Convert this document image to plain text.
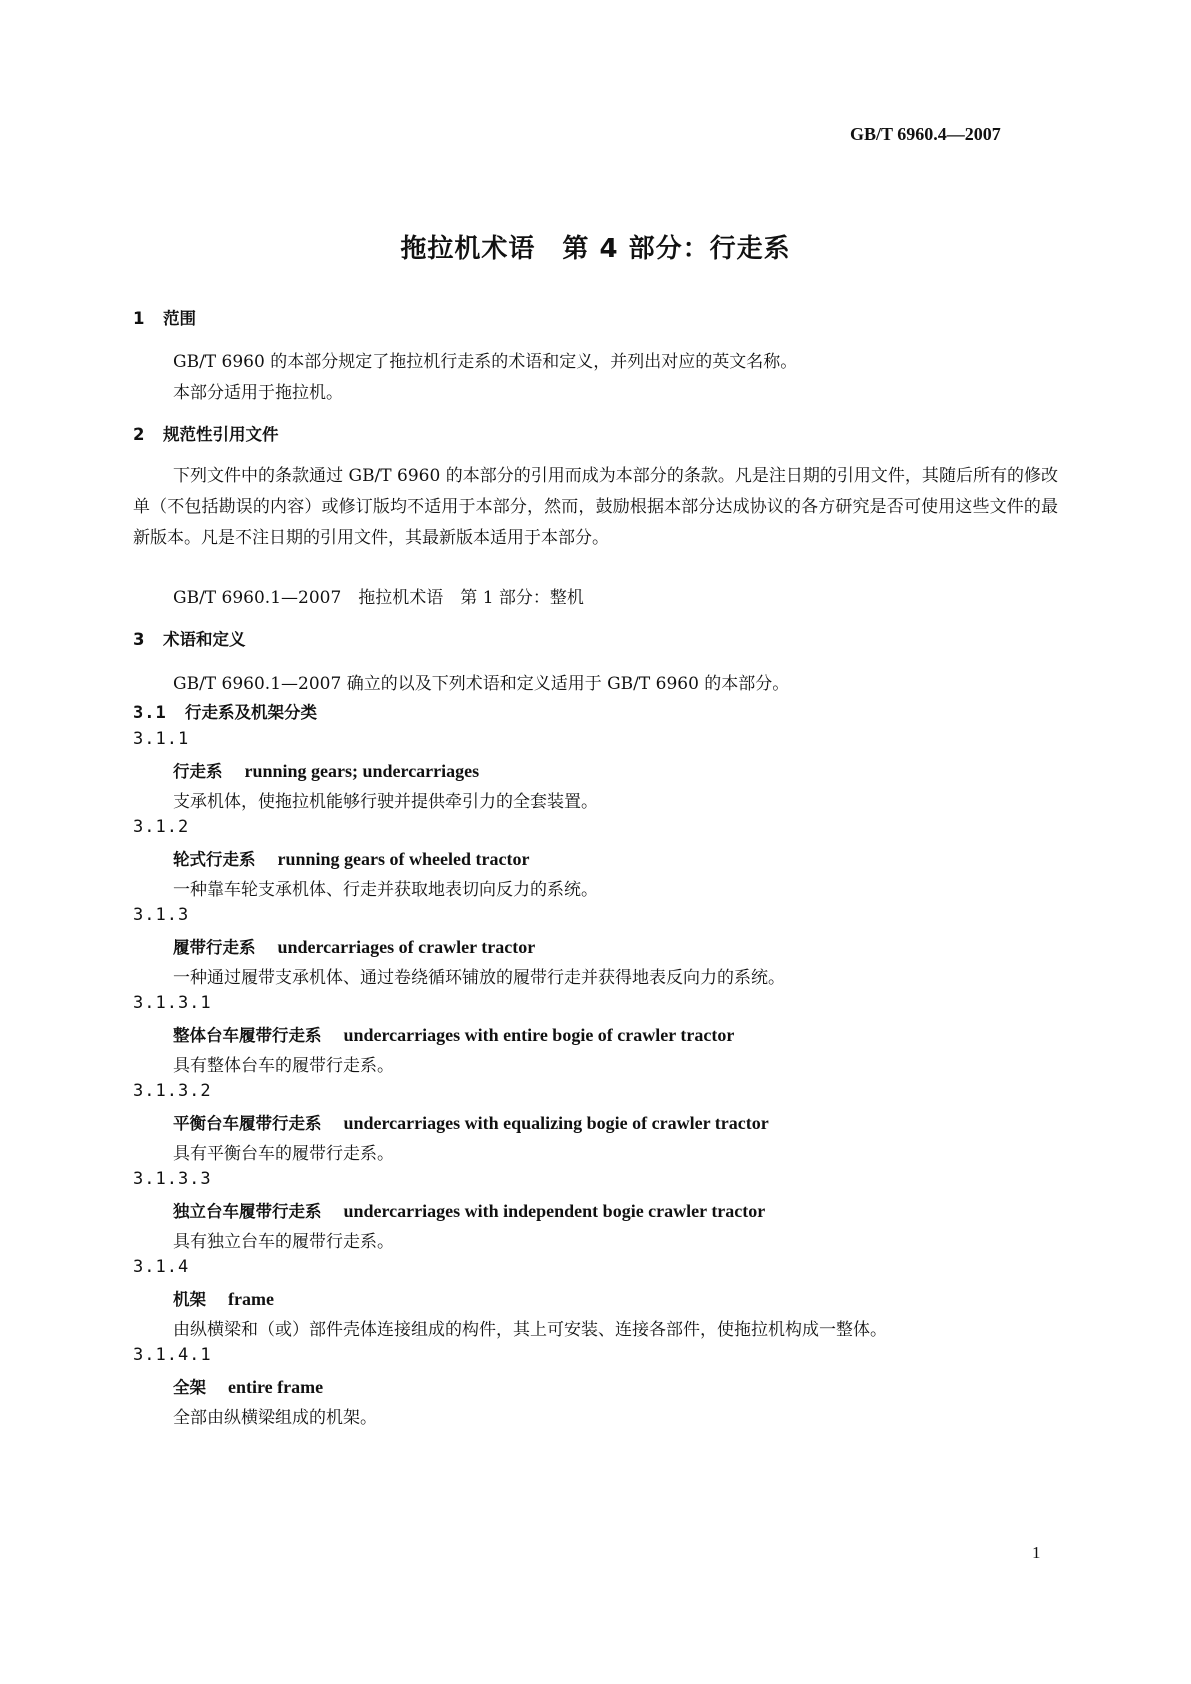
GB/T 6960.4—2007
拖拉机术语　第 4 部分：行走系
1 范围
GB/T 6960 的本部分规定了拖拉机行走系的术语和定义，并列出对应的英文名称。
本部分适用于拖拉机。
2 规范性引用文件
下列文件中的条款通过 GB/T 6960 的本部分的引用而成为本部分的条款。凡是注日期的引用文件，其随后所有的修改单（不包括勘误的内容）或修订版均不适用于本部分，然而，鼓励根据本部分达成协议的各方研究是否可使用这些文件的最新版本。凡是不注日期的引用文件，其最新版本适用于本部分。
GB/T 6960.1—2007　拖拉机术语　第 1 部分：整机
3 术语和定义
GB/T 6960.1—2007 确立的以及下列术语和定义适用于 GB/T 6960 的本部分。
3.1 行走系及机架分类
3.1.1
行走系 running gears; undercarriages
支承机体，使拖拉机能够行驶并提供牵引力的全套装置。
3.1.2
轮式行走系 running gears of wheeled tractor
一种靠车轮支承机体、行走并获取地表切向反力的系统。
3.1.3
履带行走系 undercarriages of crawler tractor
一种通过履带支承机体、通过卷绕循环铺放的履带行走并获得地表反向力的系统。
3.1.3.1
整体台车履带行走系 undercarriages with entire bogie of crawler tractor
具有整体台车的履带行走系。
3.1.3.2
平衡台车履带行走系 undercarriages with equalizing bogie of crawler tractor
具有平衡台车的履带行走系。
3.1.3.3
独立台车履带行走系 undercarriages with independent bogie crawler tractor
具有独立台车的履带行走系。
3.1.4
机架 frame
由纵横梁和（或）部件壳体连接组成的构件，其上可安装、连接各部件，使拖拉机构成一整体。
3.1.4.1
全架 entire frame
全部由纵横梁组成的机架。
1
